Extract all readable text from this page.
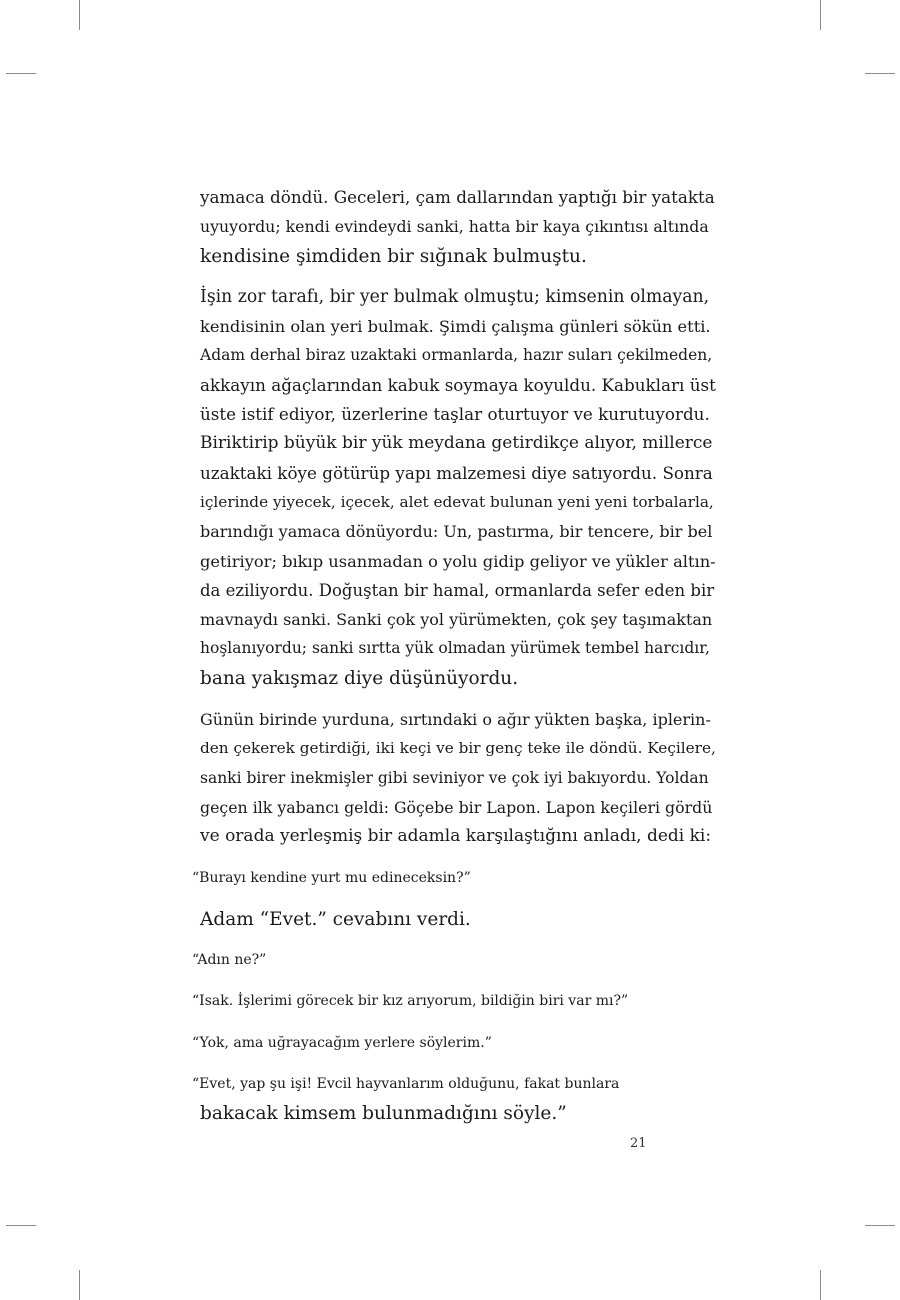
yamaca döndü. Geceleri, çam dallarından yaptığı bir yatakta
uyuyordu; kendi evindeydi sanki, hatta bir kaya çıkıntısı altında
kendisine şimdiden bir sığınak bulmuştu.

İşin zor tarafı, bir yer bulmak olmuştu; kimsenin olmayan,
kendisinin olan yeri bulmak. Şimdi çalışma günleri sökün etti.
Adam derhal biraz uzaktaki ormanlarda, hazır suları çekilmeden,
akkayın ağaçlarından kabuk soymaya koyuldu. Kabukları üst
üste istif ediyor, üzerlerine taşlar oturtuyor ve kurutuyordu.
Biriktirip büyük bir yük meydana getirdikçe alıyor, millerce
uzaktaki köye götürüp yapı malzemesi diye satıyordu. Sonra
içlerinde yiyecek, içecek, alet edevat bulunan yeni yeni torbalarla,
barındığı yamaca dönüyordu: Un, pastırma, bir tencere, bir bel
getiriyor; bıkıp usanmadan o yolu gidip geliyor ve yükler altın-
da eziliyordu. Doğuştan bir hamal, ormanlarda sefer eden bir
mavnaydı sanki. Sanki çok yol yürümekten, çok şey taşımaktan
hoşlanıyordu; sanki sırtta yük olmadan yürümek tembel harcıdır,
bana yakışmaz diye düşünüyordu.

Günün birinde yurduna, sırtındaki o ağır yükten başka, iplerin-
den çekerek getirdiği, iki keçi ve bir genç teke ile döndü. Keçilere,
sanki birer inekmişler gibi seviniyor ve çok iyi bakıyordu. Yoldan
geçen ilk yabancı geldi: Göçebe bir Lapon. Lapon keçileri gördü
ve orada yerleşmiş bir adamla karşılaştığını anladı, dedi ki:

“Burayı kendine yurt mu edineceksin?”

Adam “Evet.” cevabını verdi.

“Adın ne?”

“Isak. İşlerimi görecek bir kız arıyorum, bildiğin biri var mı?”

“Yok, ama uğrayacağım yerlere söylerim.”

“Evet, yap şu işi! Evcil hayvanlarım olduğunu, fakat bunlara
bakacak kimsem bulunmadığını söyle.”

21
